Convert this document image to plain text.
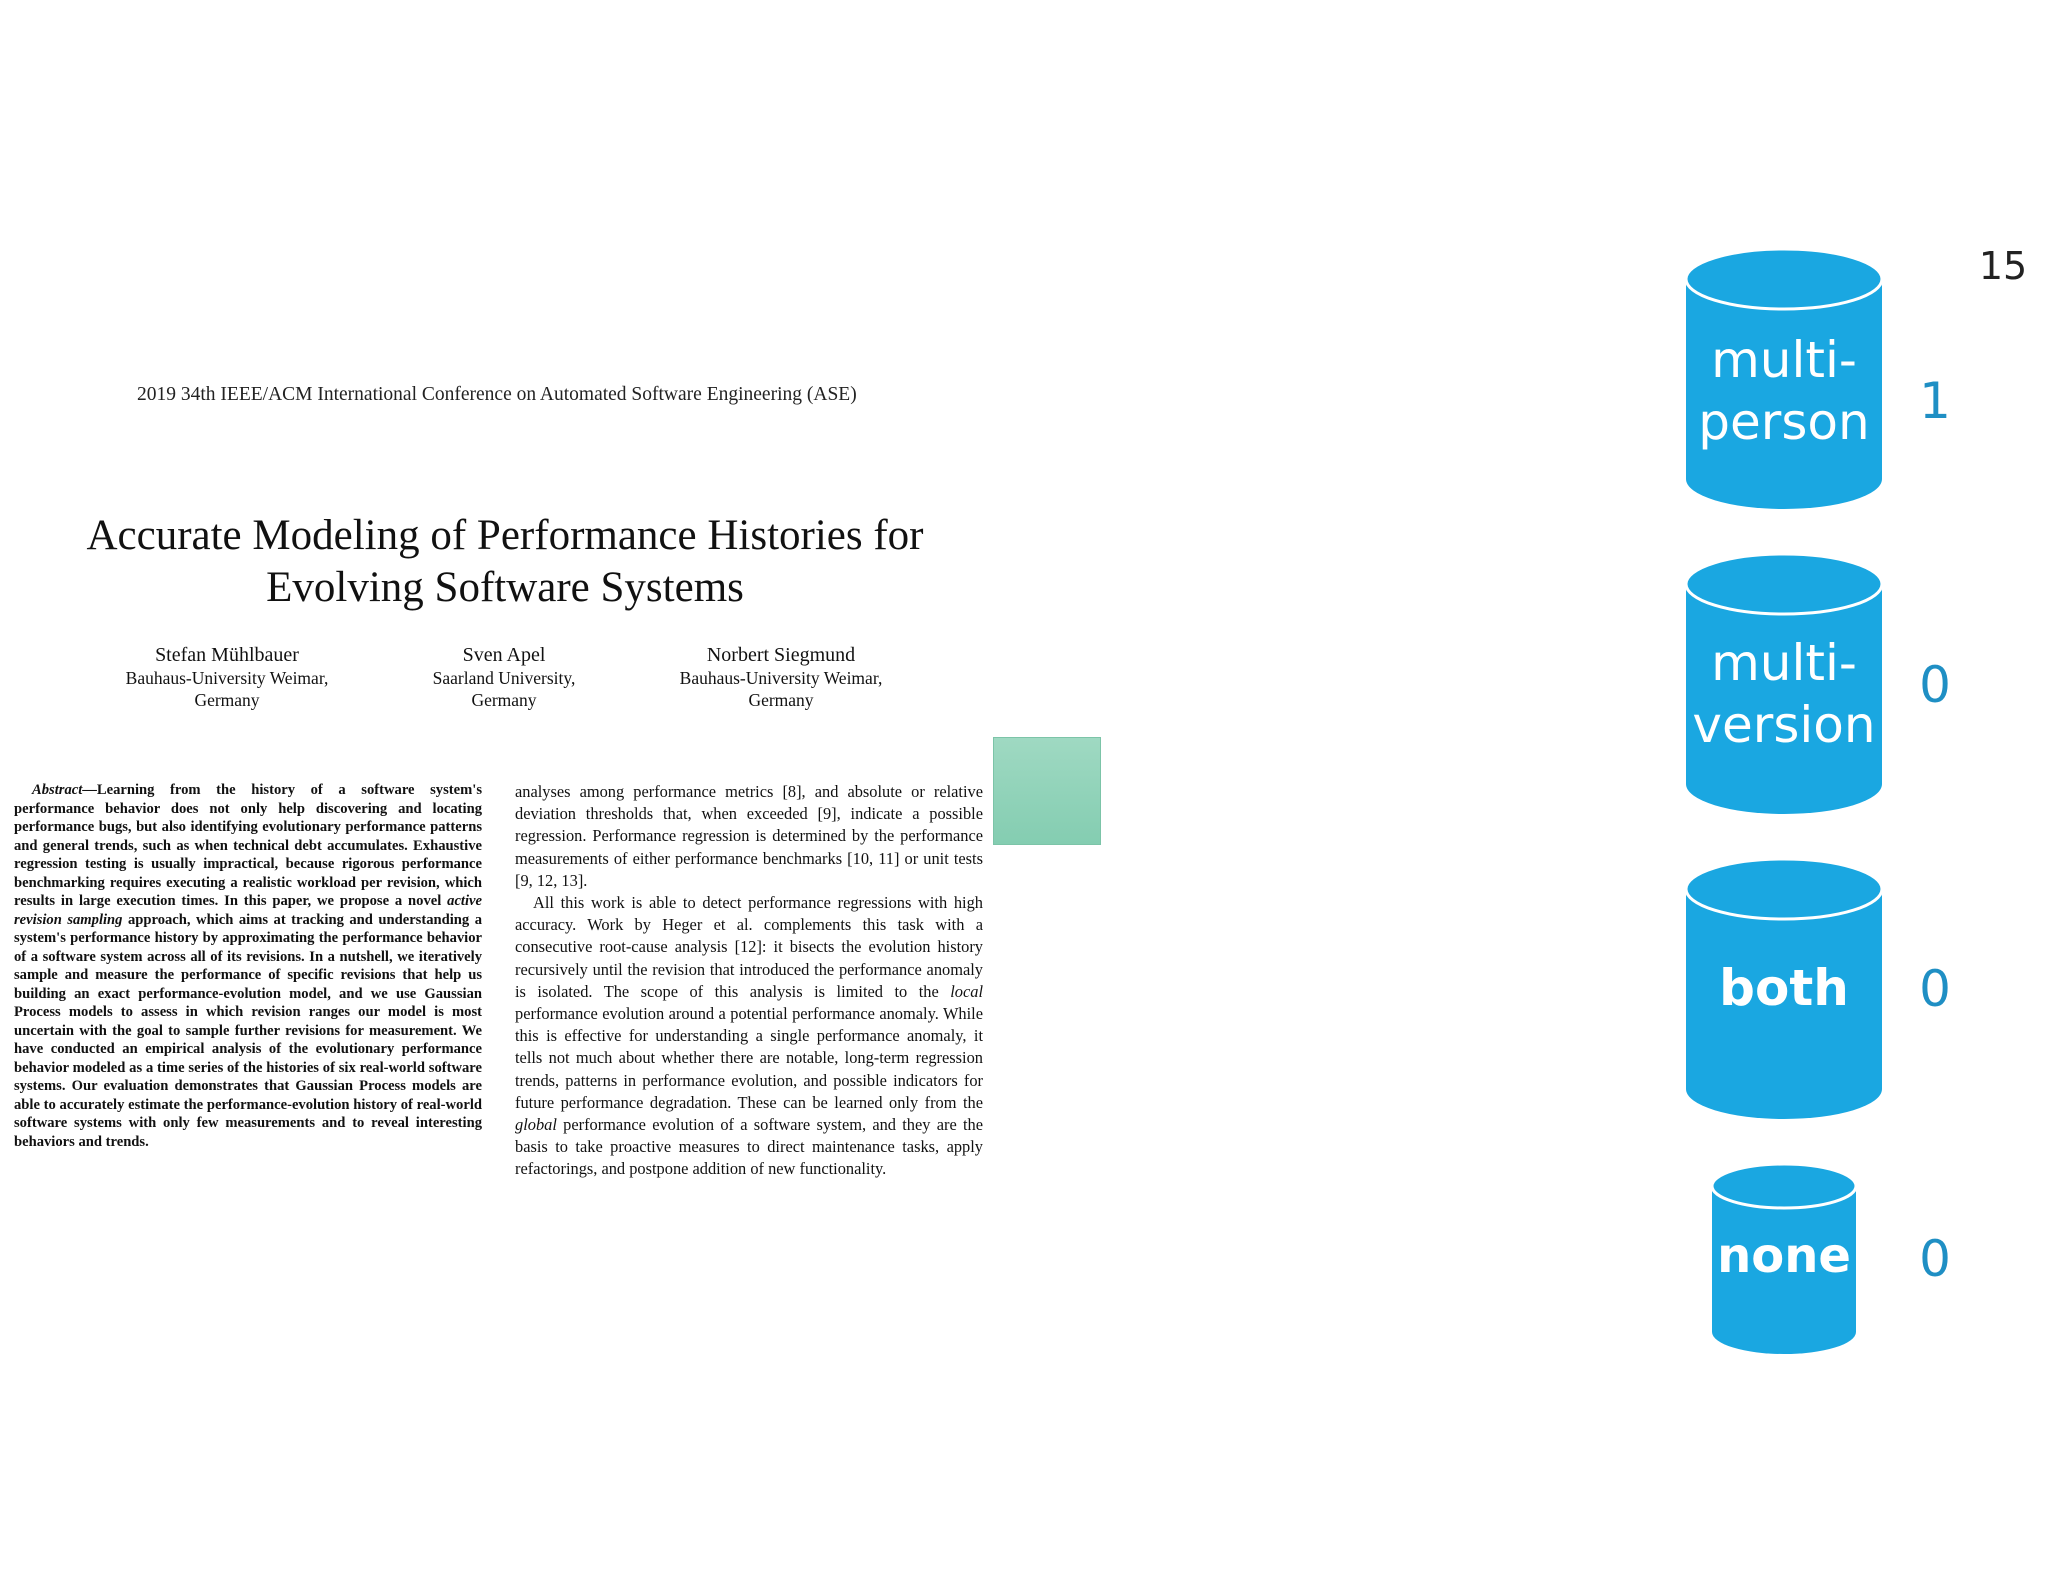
15
2019 34th IEEE/ACM International Conference on Automated Software Engineering (ASE)
Accurate Modeling of Performance Histories for Evolving Software Systems
Stefan Mühlbauer
Bauhaus-University Weimar,
Germany
Sven Apel
Saarland University,
Germany
Norbert Siegmund
Bauhaus-University Weimar,
Germany
Abstract—Learning from the history of a software system's performance behavior does not only help discovering and locating performance bugs, but also identifying evolutionary performance patterns and general trends, such as when technical debt accumulates. Exhaustive regression testing is usually impractical, because rigorous performance benchmarking requires executing a realistic workload per revision, which results in large execution times. In this paper, we propose a novel active revision sampling approach, which aims at tracking and understanding a system's performance history by approximating the performance behavior of a software system across all of its revisions. In a nutshell, we iteratively sample and measure the performance of specific revisions that help us building an exact performance-evolution model, and we use Gaussian Process models to assess in which revision ranges our model is most uncertain with the goal to sample further revisions for measurement. We have conducted an empirical analysis of the evolutionary performance behavior modeled as a time series of the histories of six real-world software systems. Our evaluation demonstrates that Gaussian Process models are able to accurately estimate the performance-evolution history of real-world software systems with only few measurements and to reveal interesting behaviors and trends.

analyses among performance metrics [8], and absolute or relative deviation thresholds that, when exceeded [9], indicate a possible regression. Performance regression is determined by the performance measurements of either performance benchmarks [10, 11] or unit tests [9, 12, 13].

All this work is able to detect performance regressions with high accuracy. Work by Heger et al. complements this task with a consecutive root-cause analysis [12]: it bisects the evolution history recursively until the revision that introduced the performance anomaly is isolated. The scope of this analysis is limited to the local performance evolution around a potential performance anomaly. While this is effective for understanding a single performance anomaly, it tells not much about whether there are notable, long-term regression trends, patterns in performance evolution, and possible indicators for future performance degradation. These can be learned only from the global performance evolution of a software system, and they are the basis to take proactive measures to direct maintenance tasks, apply refactorings, and postpone addition of new functionality.

multi-
person 1
multi-
version
0
both	0
none	0
